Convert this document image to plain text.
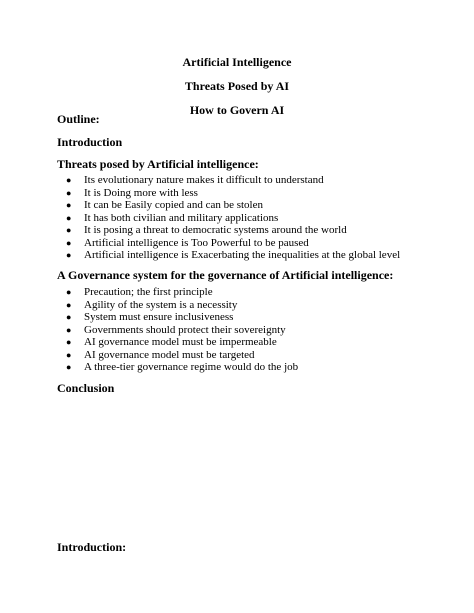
Artificial Intelligence
Threats Posed by AI
How to Govern AI
Outline:
Introduction
Threats posed by Artificial intelligence:
● Its evolutionary nature makes it difficult to understand
● It is Doing more with less
● It can be Easily copied and can be stolen
● It has both civilian and military applications
● It is posing a threat to democratic systems around the world
● Artificial intelligence is Too Powerful to be paused
● Artificial intelligence is Exacerbating the inequalities at the global level
A Governance system for the governance of Artificial intelligence:
● Precaution; the first principle
● Agility of the system is a necessity
● System must ensure inclusiveness
● Governments should protect their sovereignty
● AI governance model must be impermeable
● AI governance model must be targeted
● A three-tier governance regime would do the job
Conclusion
Introduction:
